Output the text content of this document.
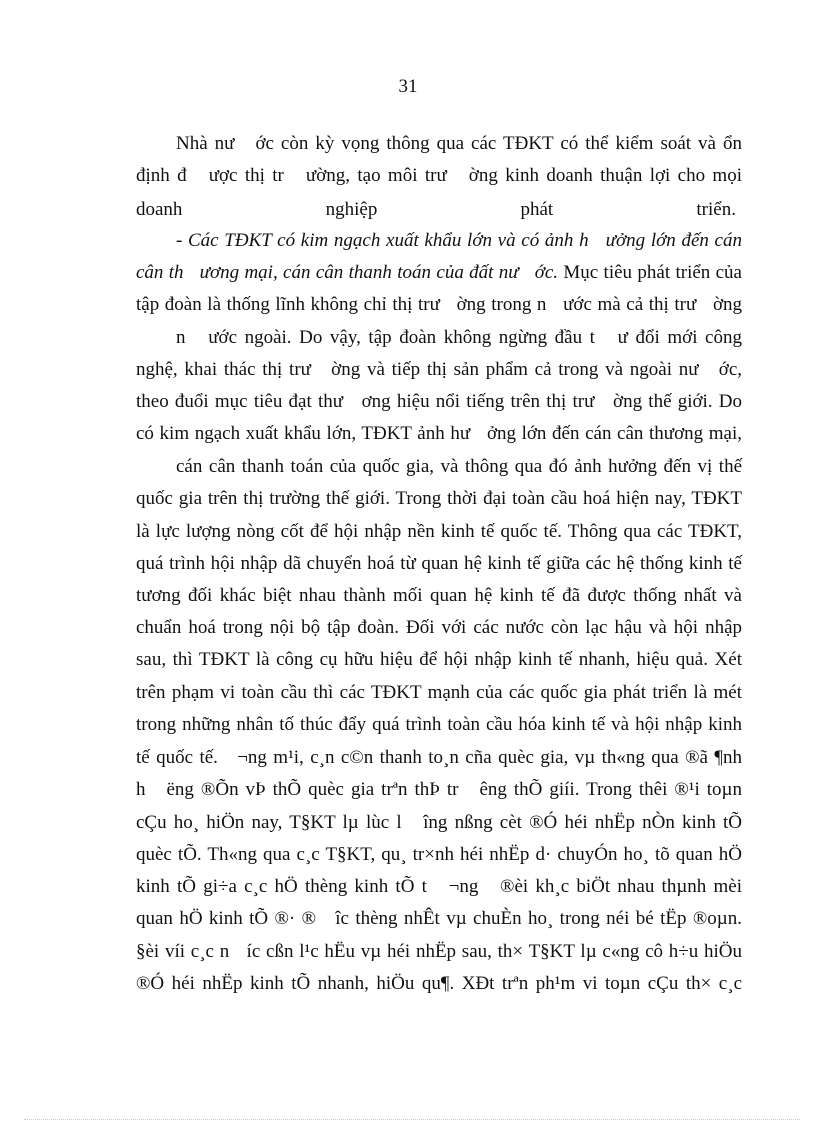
31
Nhà nư   ớc còn kỳ vọng thông qua các TĐKT có thể kiểm soát và ổn
định đ   ược thị tr   ường, tạo môi trư   ờng kinh doanh thuận lợi cho mọi
doanh	nghiệp	phát	triển.
- Các TĐKT có kim ngạch xuất khẩu lớn và có ảnh h   ưởng lớn đến cán
cân th   ương mại, cán cân thanh toán của đất nư   ớc. Mục tiêu phát triển của
tập đoàn là thống lĩnh không chỉ thị trư   ờng trong n   ước mà cả thị trư   ờng
n   ước ngoài. Do vậy, tập đoàn không ngừng đầu t   ư đổi mới công
nghệ, khai thác thị trư   ờng và tiếp thị sản phẩm cả trong và ngoài nư   ớc,
theo đuổi mục tiêu đạt thư   ơng hiệu nổi tiếng trên thị trư   ờng thế giới. Do
có kim ngạch xuất khẩu lớn, TĐKT ảnh hư   ởng lớn đến cán cân thương mại,
cán cân thanh toán của quốc gia, và thông qua đó ảnh hưởng đến vị thế
quốc gia trên thị trường thế giới. Trong thời đại toàn cầu hoá hiện nay, TĐKT
là lực lượng nòng cốt để hội nhập nền kinh tế quốc tế. Thông qua các TĐKT,
quá trình hội nhập dã chuyển hoá từ quan hệ kinh tế giữa các hệ thống kinh tế
tương đối khác biệt nhau thành mối quan hệ kinh tế đã được thống nhất và
chuẩn hoá trong nội bộ tập đoàn. Đối với các nước còn lạc hậu và hội nhập
sau, thì TĐKT là công cụ hữu hiệu để hội nhập kinh tế nhanh, hiệu quả. Xét
trên phạm vi toàn cầu thì các TĐKT mạnh của các quốc gia phát triển là mét
trong những nhân tố thúc đẩy quá trình toàn cầu hóa kinh tế và hội nhập kinh
tế quốc tế.   ¬ng m¹i, c¸n c©n thanh to¸n cña quèc gia, vµ th«ng qua ®ã ¶nh
h   ëng ®Õn vÞ thÕ quèc gia trªn thÞ tr   êng thÕ giíi. Trong thêi ®¹i toµn
cÇu ho¸ hiÖn nay, T§KT lµ lùc l   îng nßng cèt ®Ó héi nhËp nÒn kinh tÕ
quèc tÕ. Th«ng qua c¸c T§KT, qu¸ tr×nh héi nhËp d· chuyÓn ho¸ tõ quan hÖ
kinh tÕ gi÷a c¸c hÖ thèng kinh tÕ t   ¬ng   ®èi kh¸c biÖt nhau thµnh mèi
quan hÖ kinh tÕ ®· ®   îc thèng nhÊt vµ chuÈn ho¸ trong néi bé tËp ®oµn.
§èi víi c¸c n   íc cßn l¹c hËu vµ héi nhËp sau, th× T§KT lµ c«ng cô h÷u hiÖu
®Ó héi nhËp kinh tÕ nhanh, hiÖu qu¶. XÐt trªn ph¹m vi toµn cÇu th× c¸c
